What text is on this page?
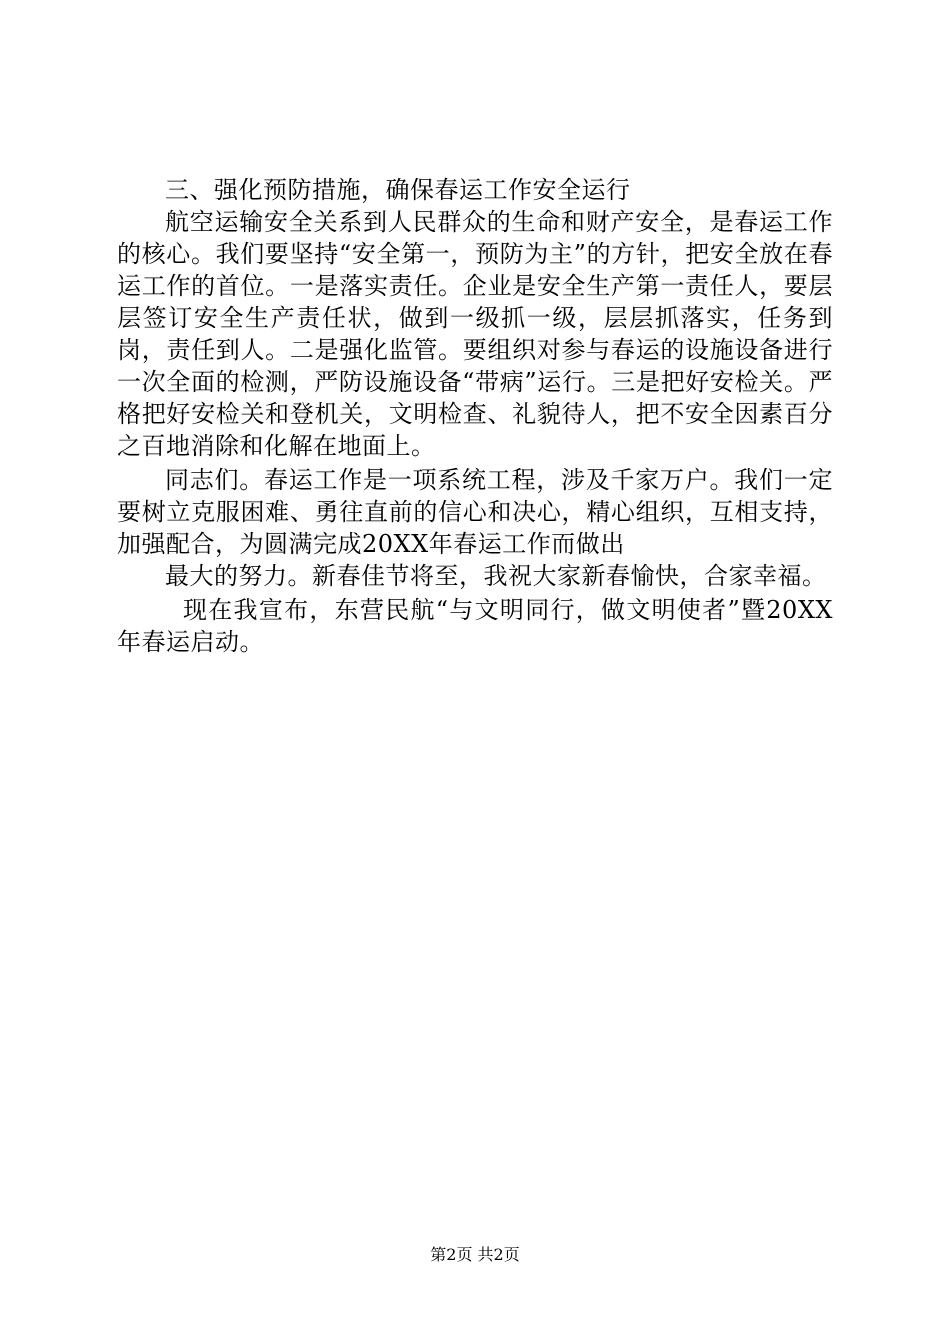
三、强化预防措施，确保春运工作安全运行

航空运输安全关系到人民群众的生命和财产安全，是春运工作的核心。我们要坚持“安全第一，预防为主”的方针，把安全放在春运工作的首位。一是落实责任。企业是安全生产第一责任人，要层层签订安全生产责任状，做到一级抓一级，层层抓落实，任务到岗，责任到人。二是强化监管。要组织对参与春运的设施设备进行一次全面的检测，严防设施设备“带病”运行。三是把好安检关。严格把好安检关和登机关，文明检查、礼貌待人，把不安全因素百分之百地消除和化解在地面上。

同志们。春运工作是一项系统工程，涉及千家万户。我们一定要树立克服困难、勇往直前的信心和决心，精心组织，互相支持，加强配合，为圆满完成20XX年春运工作而做出

最大的努力。新春佳节将至，我祝大家新春愉快，合家幸福。

现在我宣布，东营民航“与文明同行，做文明使者”暨20XX年春运启动。

第2页 共2页
